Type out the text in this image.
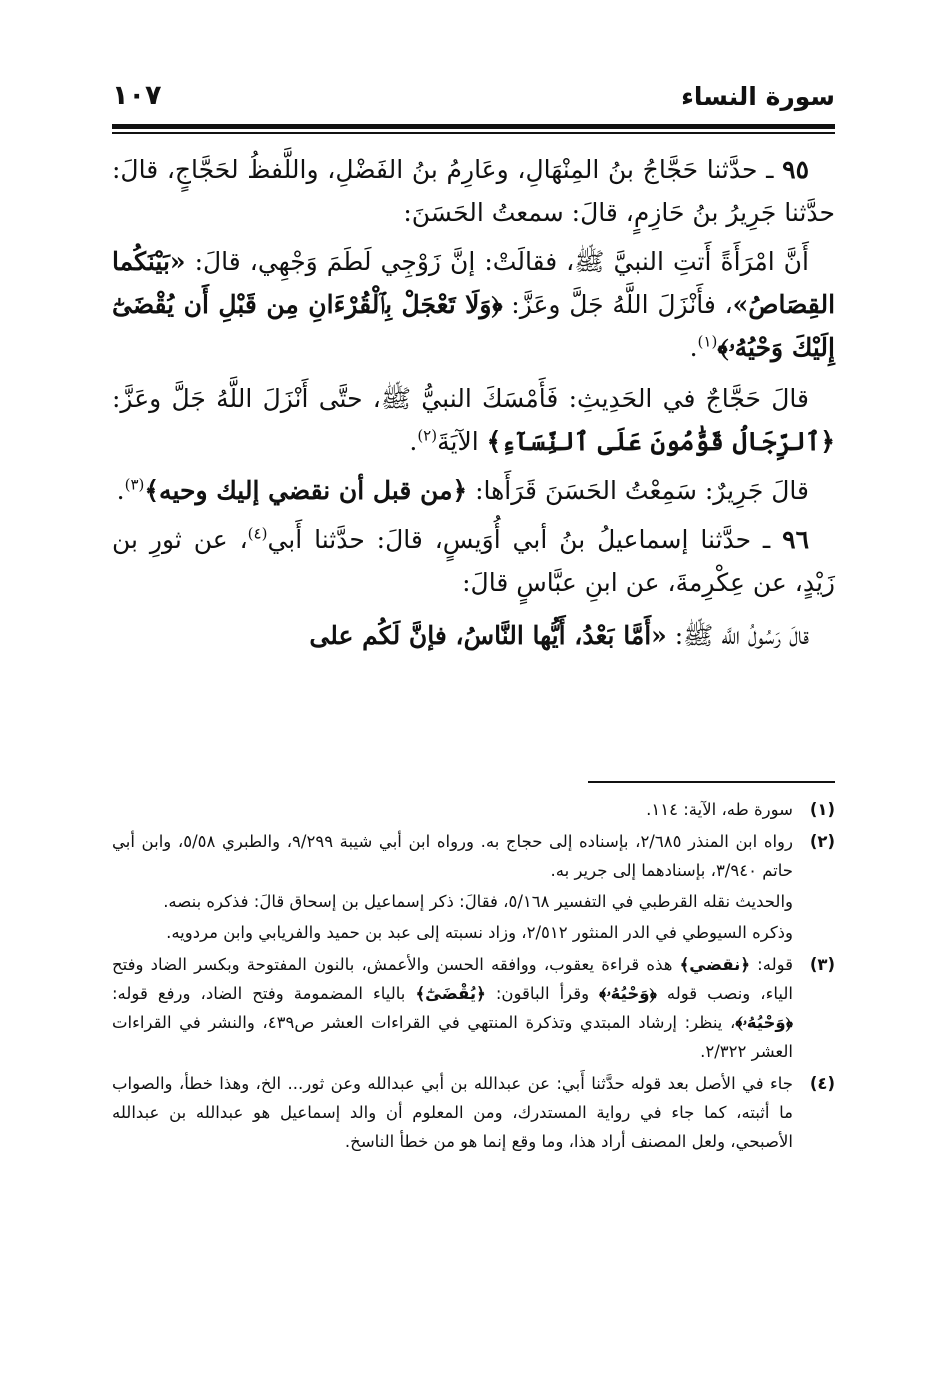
سورة النساء
١٠٧

٩٥ ـ حدَّثنا حَجَّاجُ بنُ المِنْهَالِ، وعَارِمُ بنُ الفَضْلِ، واللَّفظُ لحَجَّاجٍ، قالَ: حدَّثنا جَرِيرُ بنُ حَازِمٍ، قالَ: سمعتُ الحَسَنَ:

أَنَّ امْرَأَةً أَتتِ النبيَّ ﷺ، فقالَتْ: إنَّ زَوْجِي لَطَمَ وَجْهِي، قالَ: «بَيْنَكُما القِصَاصُ»، فأَنْزَلَ اللَّهُ جَلَّ وعَزَّ: ﴿وَلَا تَعْجَلْ بِٱلْقُرْءَانِ مِن قَبْلِ أَن يُقْضَىٰٓ إِلَيْكَ وَحْيُهُۥ﴾$^{(١)}$.

قالَ حَجَّاجٌ في الحَدِيثِ: فَأَمْسَكَ النبيُّ ﷺ، حتَّى أَنْزَلَ اللَّهُ جَلَّ وعَزَّ: ﴿ٱلرِّجَالُ قَوَّٰمُونَ عَلَى ٱلنِّسَآءِ﴾ الآيَةَ$^{(٢)}$.

قالَ جَرِيرٌ: سَمِعْتُ الحَسَنَ قَرَأَها: ﴿من قبل أن نقضي إليك وحيه﴾$^{(٣)}$.

٩٦ ـ حدَّثنا إسماعيلُ بنُ أبي أُوَيسٍ، قالَ: حدَّثنا أَبي$^{(٤)}$، عن ثورِ بن زَيْدٍ، عن عِكْرِمةَ، عن ابنِ عبَّاسٍ قالَ:

قالَ رَسُولُ اللَّه ﷺ: «أَمَّا بَعْدُ، أَيُّها النَّاسُ، فإنَّ لَكُم على

(١)
سورة طه، الآية: ١١٤.
(٢)
رواه ابن المنذر ٢/٦٨٥، بإسناده إلى حجاج به. ورواه ابن أبي شيبة ٩/٢٩٩، والطبري ٥/٥٨، وابن أبي حاتم ٣/٩٤٠، بإسنادهما إلى جرير به.
والحديث نقله القرطبي في التفسير ٥/١٦٨، فقالَ: ذكر إسماعيل بن إسحاق قالَ: فذكره بنصه.
وذكره السيوطي في الدر المنثور ٢/٥١٢، وزاد نسبته إلى عبد بن حميد والفريابي وابن مردويه.
(٣)
قوله: ﴿نقضي﴾ هذه قراءة يعقوب، ووافقه الحسن والأعمش، بالنون المفتوحة وبكسر الضاد وفتح الياء، ونصب قوله ﴿وَحْيُهُۥ﴾ وقرأ الباقون: ﴿يُقْضَىٰٓ﴾ بالياء المضمومة وفتح الضاد، ورفع قوله: ﴿وَحْيُهُۥ﴾، ينظر: إرشاد المبتدي وتذكرة المنتهي في القراءات العشر ص٤٣٩، والنشر في القراءات العشر ٢/٣٢٢.
(٤)
جاء في الأصل بعد قوله حدَّثنا أَبي: عن عبدالله بن أبي عبدالله وعن ثور... الخ، وهذا خطأ، والصواب ما أثبته، كما جاء في رواية المستدرك، ومن المعلوم أن والد إسماعيل هو عبدالله بن عبدالله الأصبحي، ولعل المصنف أراد هذا، وما وقع إنما هو من خطأ الناسخ.
